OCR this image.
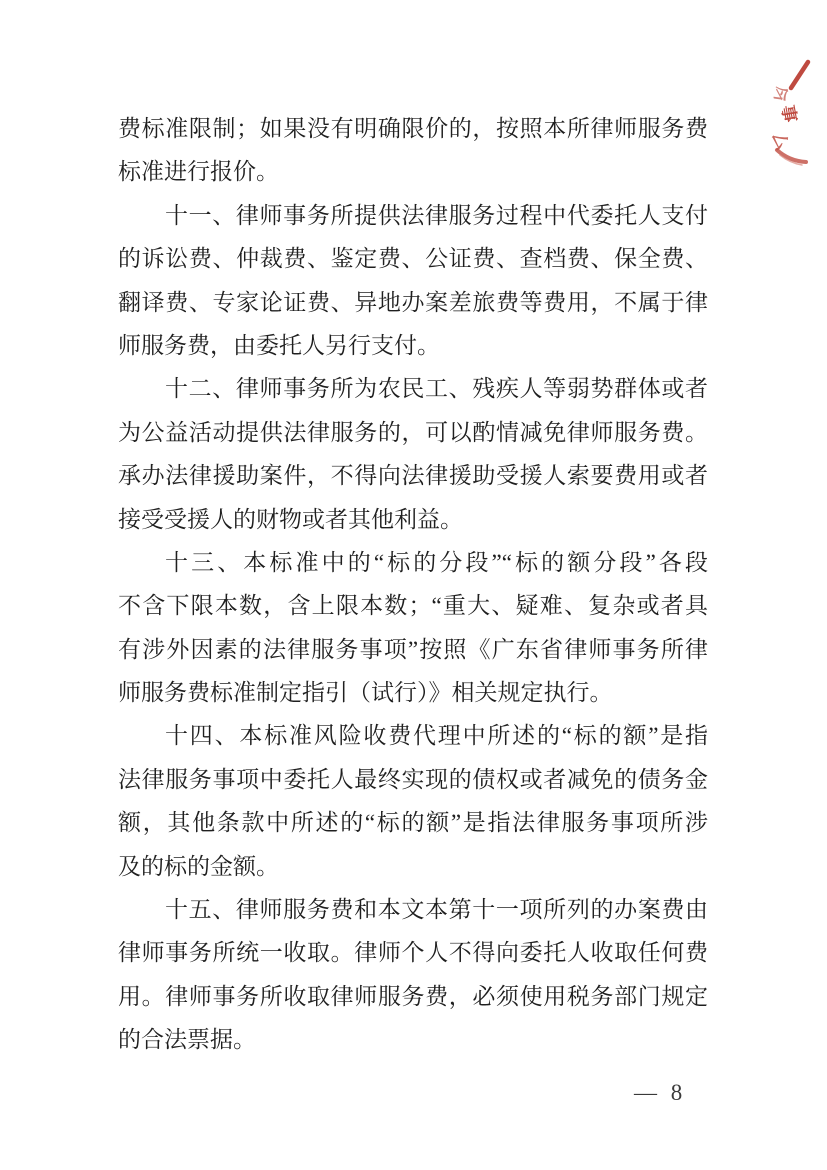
今
事
厶
费标准限制；如果没有明确限价的，按照本所律师服务费
标准进行报价。
十一、律师事务所提供法律服务过程中代委托人支付
的诉讼费、仲裁费、鉴定费、公证费、查档费、保全费、
翻译费、专家论证费、异地办案差旅费等费用，不属于律
师服务费，由委托人另行支付。
十二、律师事务所为农民工、残疾人等弱势群体或者
为公益活动提供法律服务的，可以酌情减免律师服务费。
承办法律援助案件，不得向法律援助受援人索要费用或者
接受受援人的财物或者其他利益。
十三、本标准中的“标的分段”“标的额分段”各段
不含下限本数，含上限本数；“重大、疑难、复杂或者具
有涉外因素的法律服务事项”按照《广东省律师事务所律
师服务费标准制定指引（试行）》相关规定执行。
十四、本标准风险收费代理中所述的“标的额”是指
法律服务事项中委托人最终实现的债权或者减免的债务金
额，其他条款中所述的“标的额”是指法律服务事项所涉
及的标的金额。
十五、律师服务费和本文本第十一项所列的办案费由
律师事务所统一收取。律师个人不得向委托人收取任何费
用。律师事务所收取律师服务费，必须使用税务部门规定
的合法票据。
— 8
